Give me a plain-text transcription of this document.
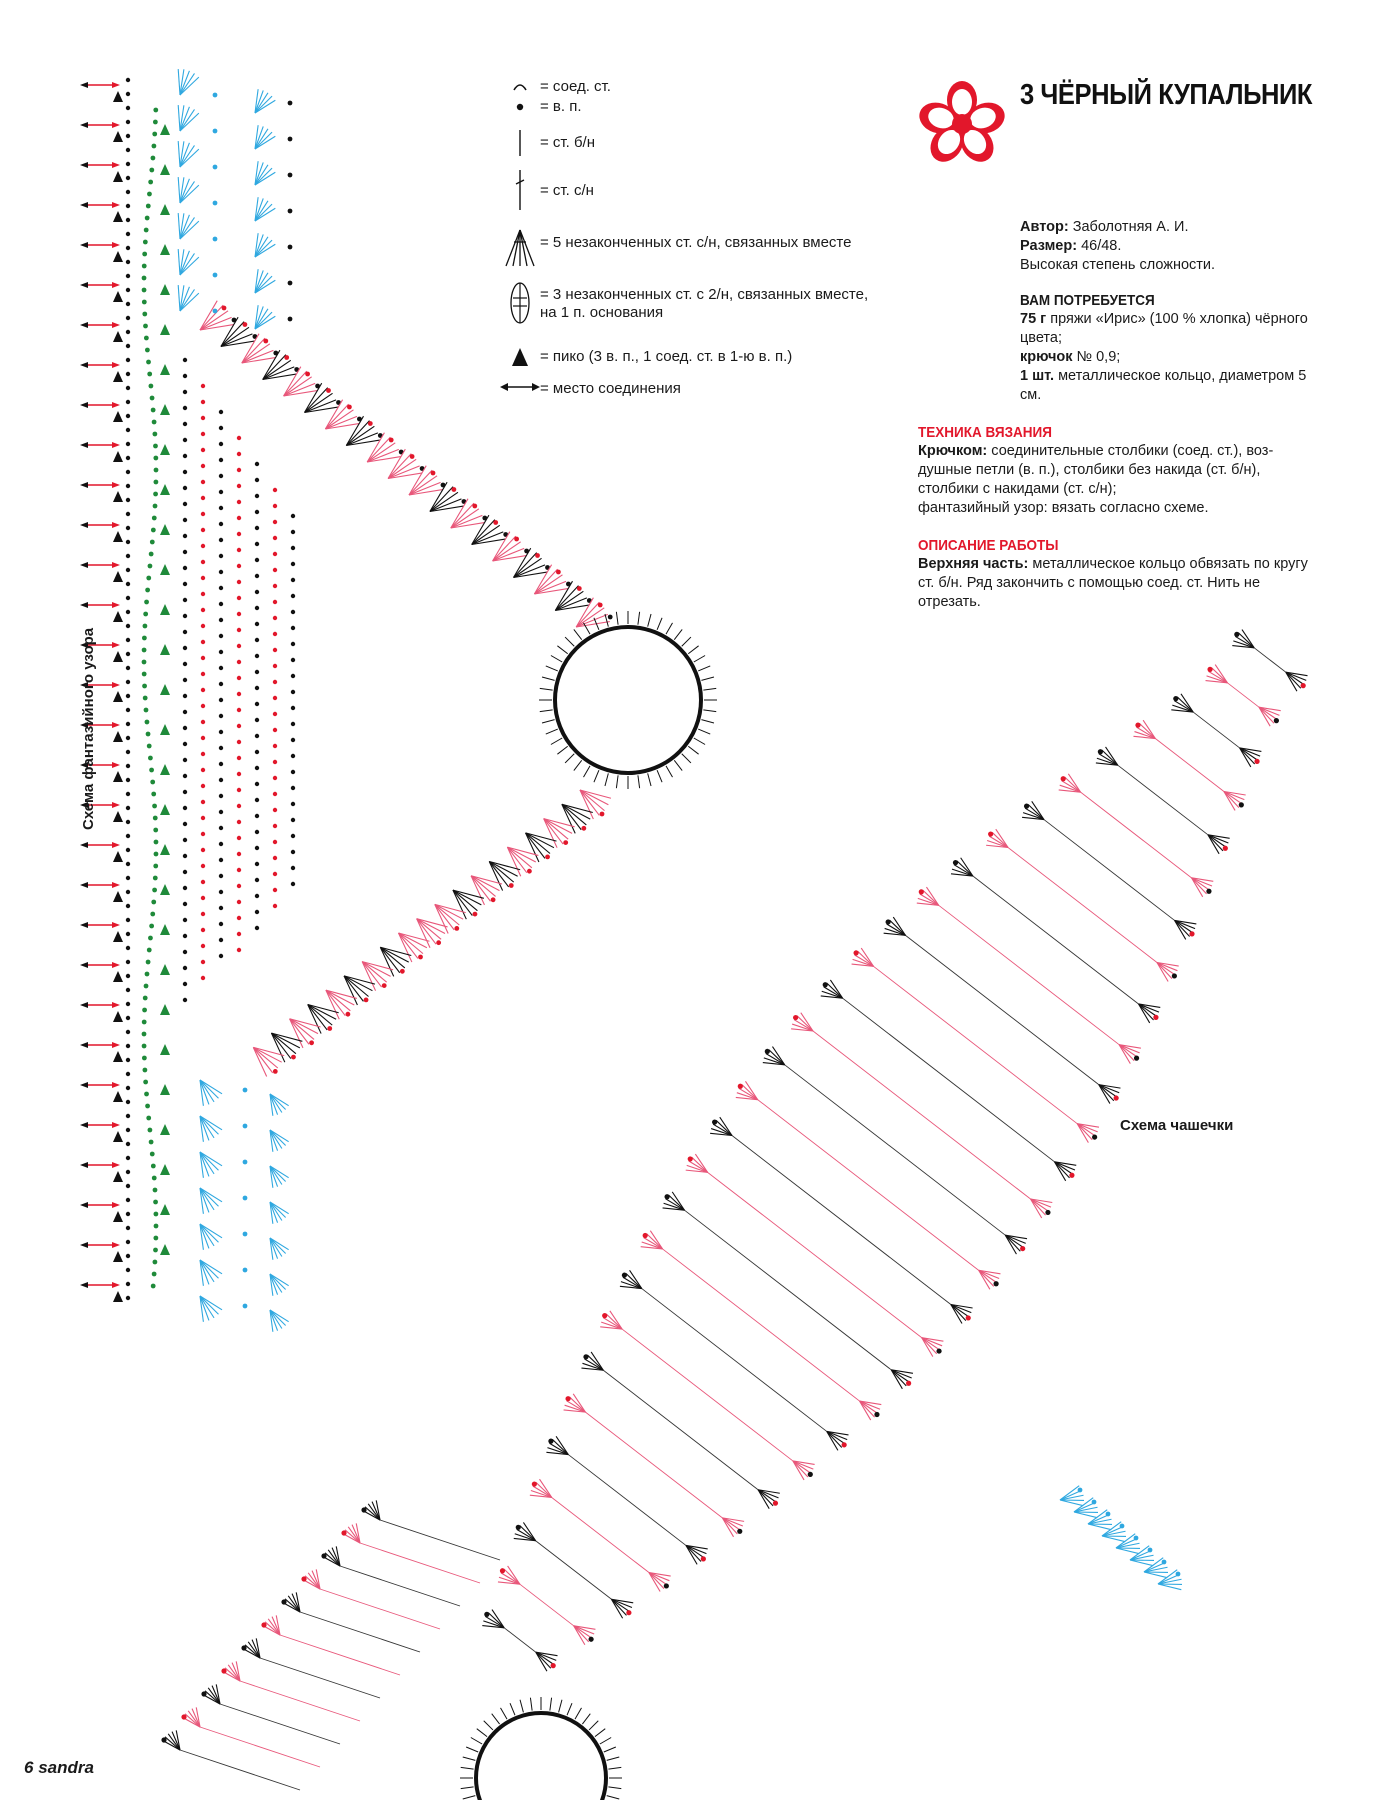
= соед. ст.
= в. п.
= ст. б/н
= ст. с/н
= 5 незаконченных ст. с/н, связанных вместе
= 3 незаконченных ст. с 2/н, связанных вместе,
на 1 п. основания
= пико (3 в. п., 1 соед. ст. в 1-ю в. п.)
= место соединения
3 ЧЁРНЫЙ КУПАЛЬНИК
Автор: Заболотняя А. И.
Размер: 46/48.
Высокая степень сложности.
ВАМ ПОТРЕБУЕТСЯ
75 г пряжи «Ирис» (100 % хлопка) чёрного цвета;
крючок № 0,9;
1 шт. металлическое кольцо, диаметром 5 см.
ТЕХНИКА ВЯЗАНИЯ
Крючком: соединительные столбики (соед. ст.), воздушные петли (в. п.), столбики без накида (ст. б/н), столбики с накидами (ст. с/н);
фантазийный узор: вязать согласно схеме.
ОПИСАНИЕ РАБОТЫ
Верхняя часть: металлическое кольцо обвязать по кругу ст. б/н. Ряд закончить с помощью соед. ст. Нить не отрезать.
Схема фантазийного узора
Схема чашечки
6 sandra
